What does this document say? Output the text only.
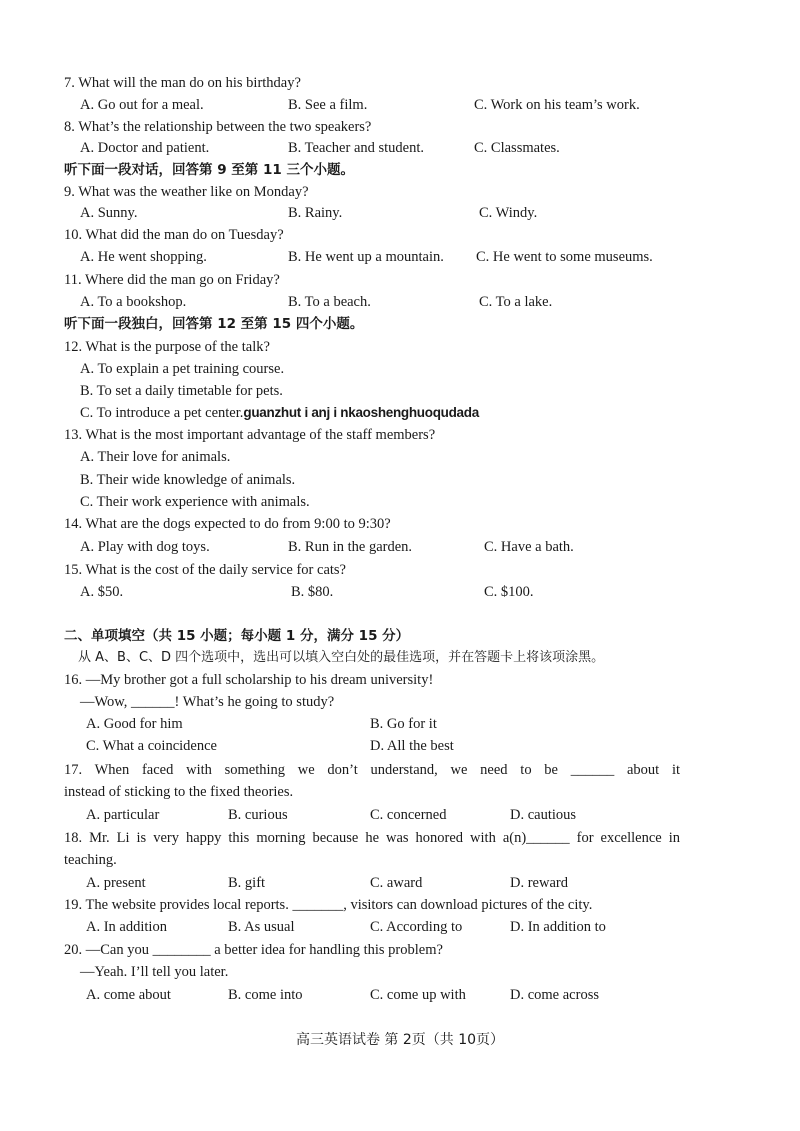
7. What will the man do on his birthday?
A. Go out for a meal.	B. See a film.	C. Work on his team’s work.
8. What’s the relationship between the two speakers?
A. Doctor and patient.	B. Teacher and student.	C. Classmates.
听下面一段对话，回答第 9 至第 11 三个小题。
9. What was the weather like on Monday?
A. Sunny.	B. Rainy.	C. Windy.
10. What did the man do on Tuesday?
A. He went shopping.	B. He went up a mountain. C. He went to some museums.
11. Where did the man go on Friday?
A. To a bookshop.	B. To a beach.	C. To a lake.
听下面一段独白，回答第 12 至第 15 四个小题。
12. What is the purpose of the talk?
A. To explain a pet training course.
B. To set a daily timetable for pets.
C. To introduce a pet center.guanzhut i anj i nkaoshenghuoqudada
13. What is the most important advantage of the staff members?
A. Their love for animals.
B. Their wide knowledge of animals.
C. Their work experience with animals.
14. What are the dogs expected to do from 9:00 to 9:30?
A. Play with dog toys.	B. Run in the garden.	C. Have a bath.
15. What is the cost of the daily service for cats?
A. $50.	B. $80.	C. $100.
二、单项填空（共 15 小题；每小题 1 分，满分 15 分）
从 A、B、C、D 四个选项中，选出可以填入空白处的最佳选项，并在答题卡上将该项涂黑。
16. —My brother got a full scholarship to his dream university!
—Wow, ______! What’s he going to study?
A. Good for him	B. Go for it
C. What a coincidence	D. All the best
17. When faced with something we don’t understand, we need to be ______ about it
instead of sticking to the fixed theories.
A. particular	B. curious	C. concerned	D. cautious
18. Mr. Li is very happy this morning because he was honored with a(n)______ for excellence in
teaching.
A. present	B. gift	C. award	D. reward
19. The website provides local reports. _______, visitors can download pictures of the city.
A. In addition	B. As usual	C. According to	D. In addition to
20. —Can you ________ a better idea for handling this problem?
—Yeah. I’ll tell you later.
A. come about	B. come into	C. come up with	D. come across
高三英语试卷 第 2页（共 10页）
